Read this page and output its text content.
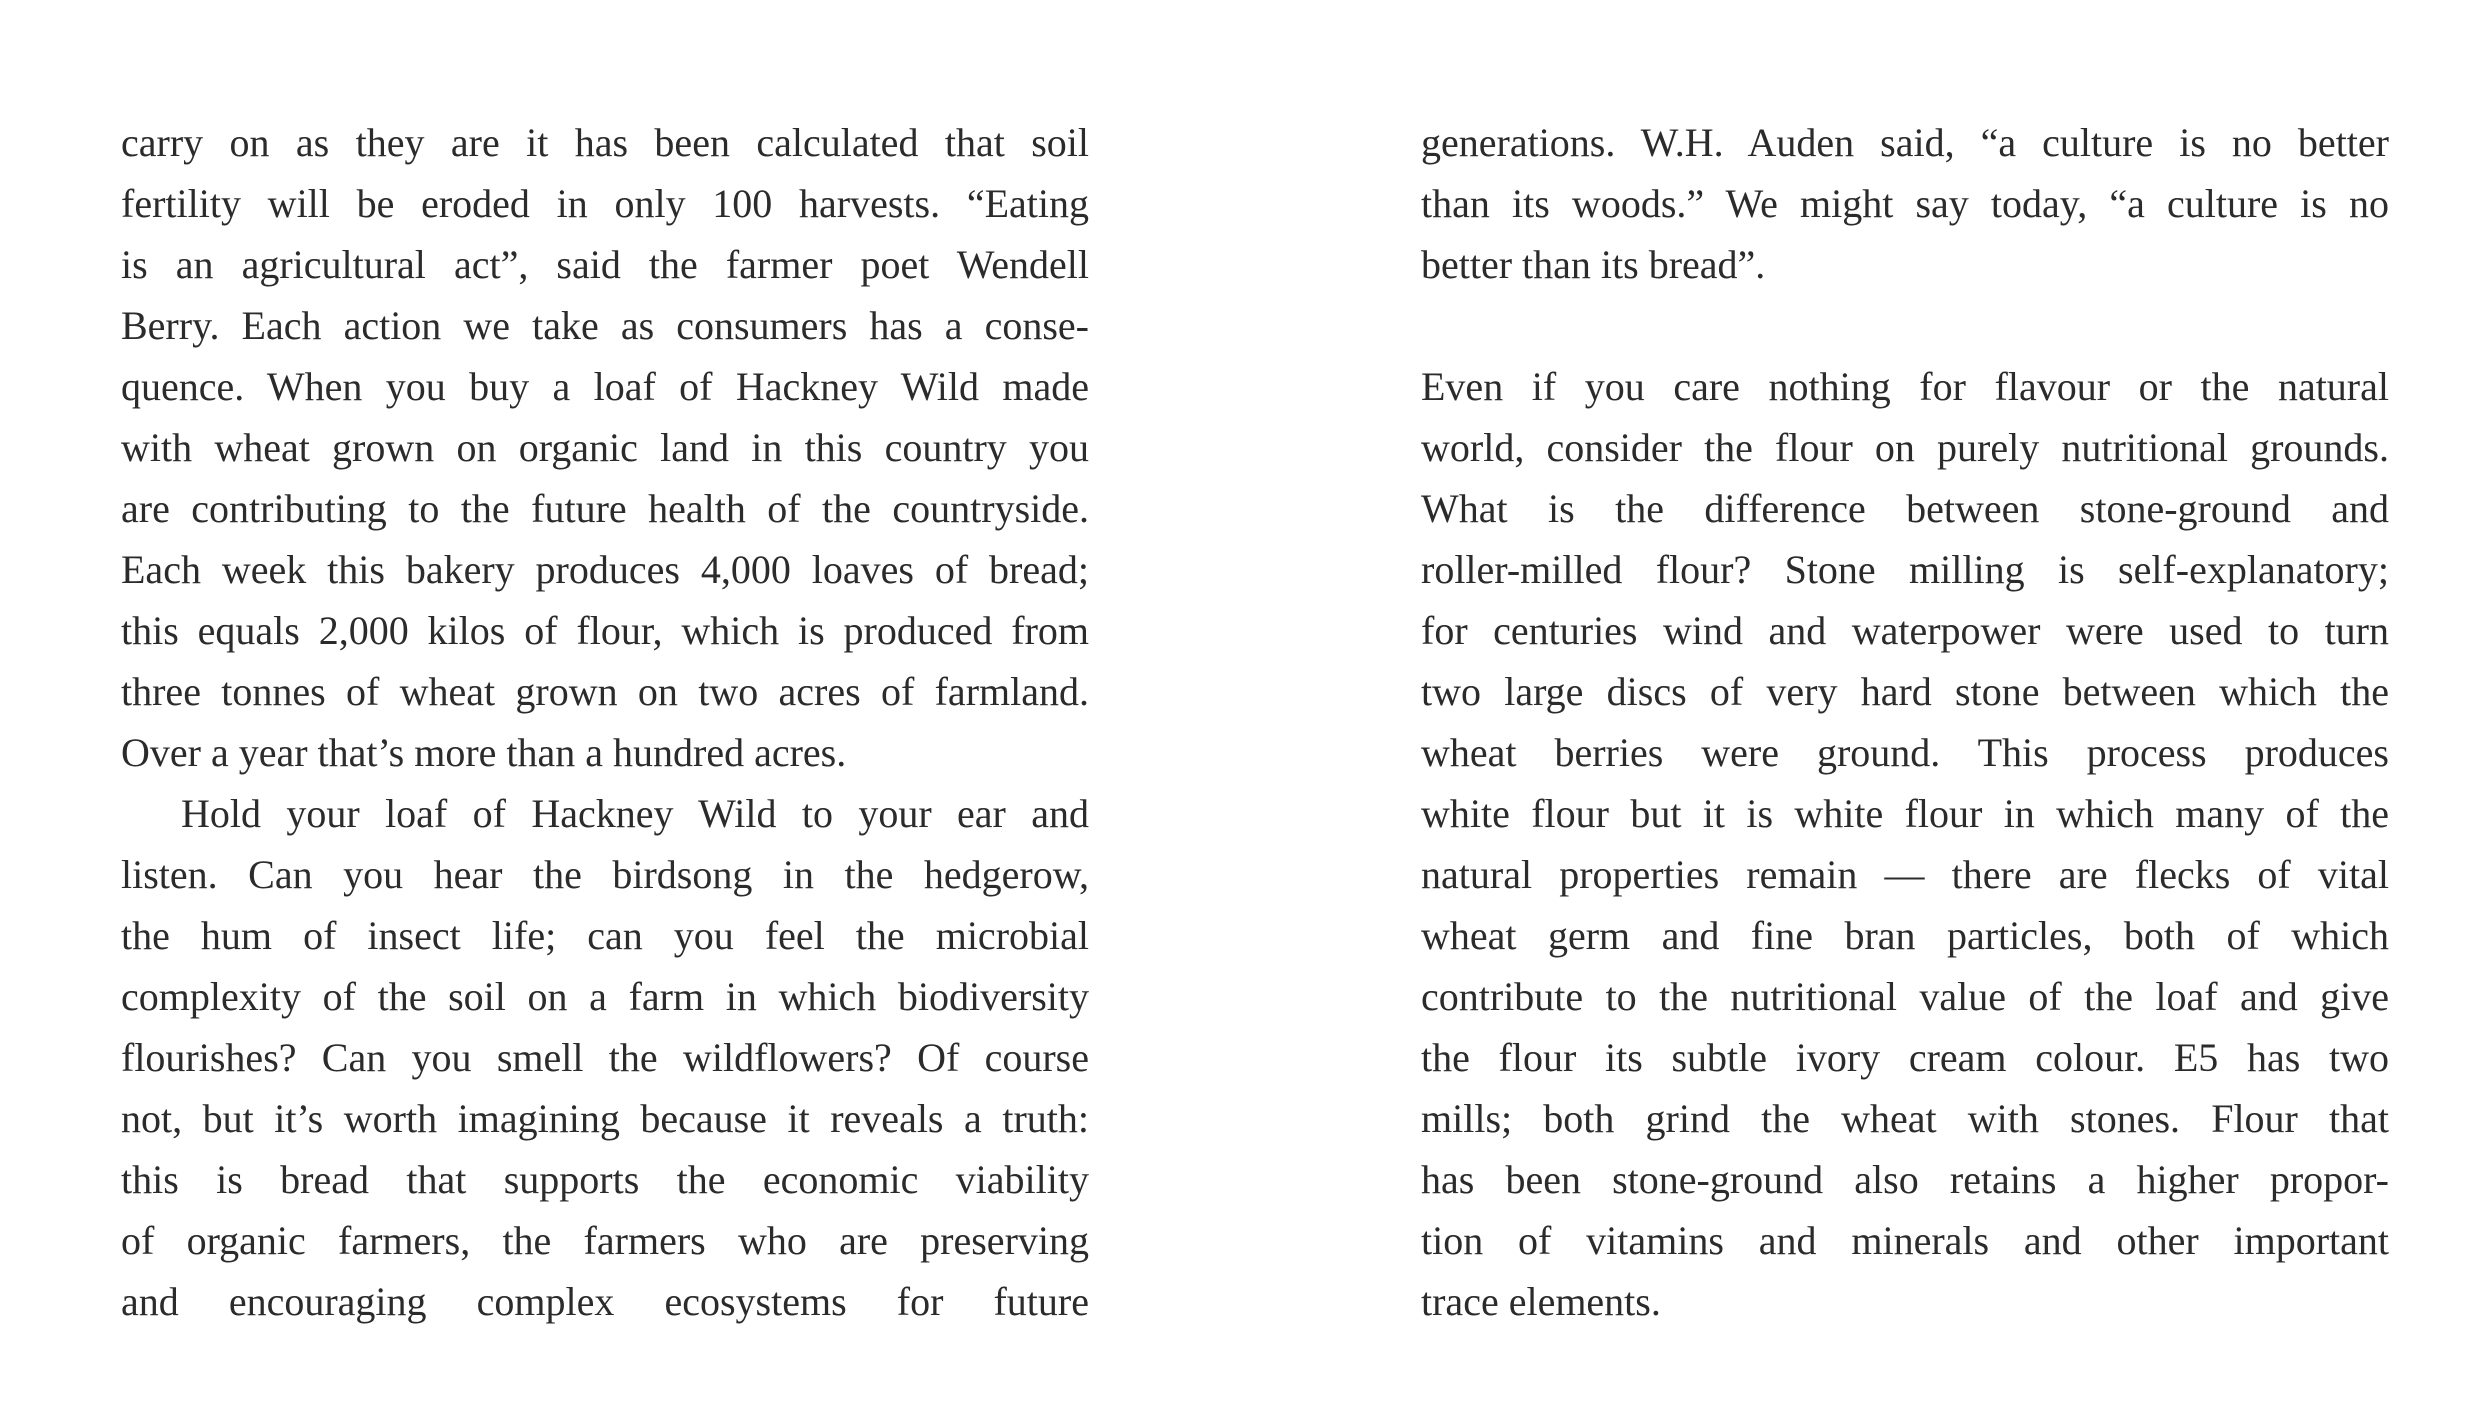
carry on as they are it has been calculated that soil
fertility will be eroded in only 100 harvests. “Eating
is an agricultural act”, said the farmer poet Wendell
Berry. Each action we take as consumers has a conse-
quence. When you buy a loaf of Hackney Wild made
with wheat grown on organic land in this country you
are contributing to the future health of the countryside.
Each week this bakery produces 4,000 loaves of bread;
this equals 2,000 kilos of flour, which is produced from
three tonnes of wheat grown on two acres of farmland.
Over a year that’s more than a hundred acres.
Hold your loaf of Hackney Wild to your ear and
listen. Can you hear the birdsong in the hedgerow,
the hum of insect life; can you feel the microbial
complexity of the soil on a farm in which biodiversity
flourishes? Can you smell the wildflowers? Of course
not, but it’s worth imagining because it reveals a truth:
this is bread that supports the economic viability
of organic farmers, the farmers who are preserving
and encouraging complex ecosystems for future
generations. W.H. Auden said, “a culture is no better
than its woods.” We might say today, “a culture is no
better than its bread”.
Even if you care nothing for flavour or the natural
world, consider the flour on purely nutritional grounds.
What is the difference between stone-ground and
roller-milled flour? Stone milling is self-explanatory;
for centuries wind and waterpower were used to turn
two large discs of very hard stone between which the
wheat berries were ground. This process produces
white flour but it is white flour in which many of the
natural properties remain — there are flecks of vital
wheat germ and fine bran particles, both of which
contribute to the nutritional value of the loaf and give
the flour its subtle ivory cream colour. E5 has two
mills; both grind the wheat with stones. Flour that
has been stone-ground also retains a higher propor-
tion of vitamins and minerals and other important
trace elements.
